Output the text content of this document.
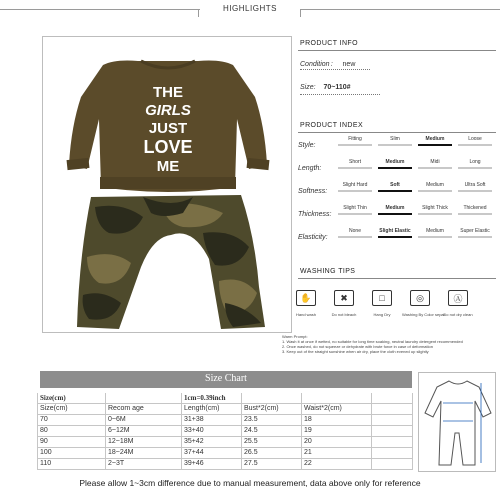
HIGHLIGHTS
THE
GIRLS
JUST
LOVE
ME
PRODUCT INFO
Condition： new
Size: 70~110#
PRODUCT INDEX
Style:
Fitting	Slim	Medium	Loose
Length:
Short	Medium	Midi	Long
Softness:
Slight Hard	Soft	Medium	Ultra Soft
Thickness:
Slight Thin	Medium	Slight Thick	Thickened
Elasticity:
None	Slight Elastic	Medium	Super Elastic
WASHING TIPS
✋
Hand wash
✖
Do not bleach
□
Hang Dry
◎
Washing By Color separ
Ⓐ
Do not dry clean
Warm Prompt:
1. Wash it at once if wetted, no suitable for long time soaking, neutral laundry detergent recommended
2. Once washed, do not squeeze or dehydrate with brute force in case of deformation
3. Keep out of the straight sunshine when air dry, place the cloth evened up slightly
Size Chart
Size(cm)		1cm=0.39inch			
Size(cm)	Recom age	Length(cm)	Bust*2(cm)	Waist*2(cm)	
70	0~6M	31+38	23.5	18	
80	6~12M	33+40	24.5	19	
90	12~18M	35+42	25.5	20	
100	18~24M	37+44	26.5	21	
110	2~3T	39+46	27.5	22	
Please allow 1~3cm difference due to manual measurement, data above only for reference
